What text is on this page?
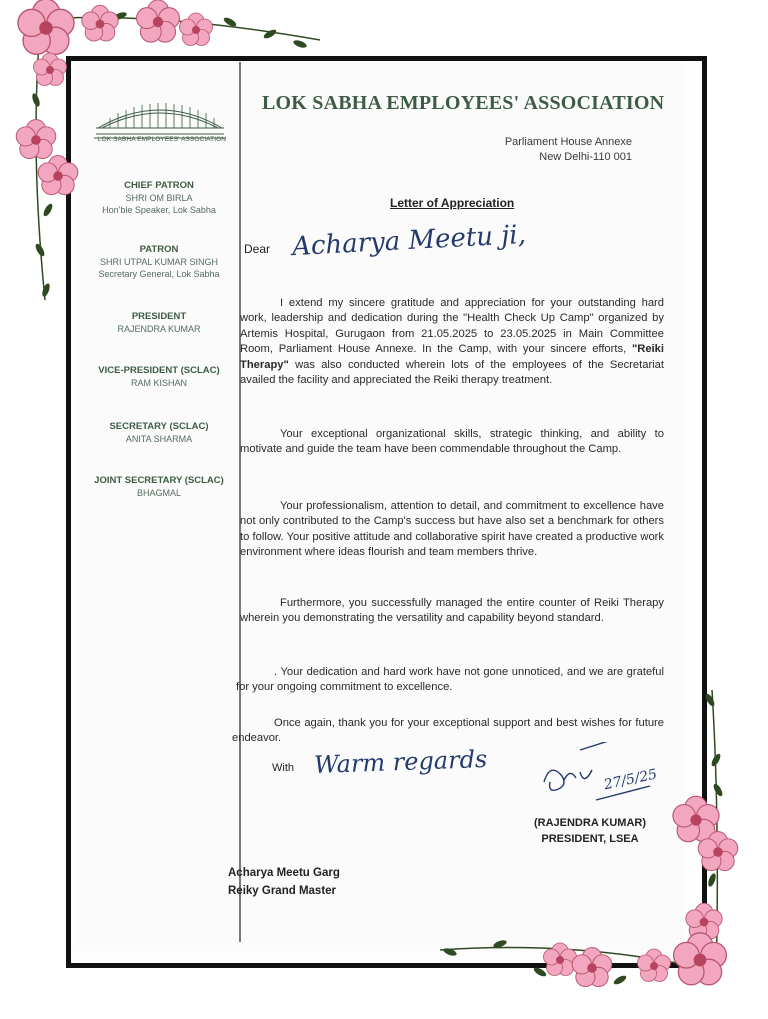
LOK SABHA EMPLOYEES' ASSOCIATION
CHIEF PATRON
SHRI OM BIRLA
Hon'ble Speaker, Lok Sabha
PATRON
SHRI UTPAL KUMAR SINGH
Secretary General, Lok Sabha
PRESIDENT
RAJENDRA KUMAR
VICE-PRESIDENT (SCLAC)
RAM KISHAN
SECRETARY (SCLAC)
ANITA SHARMA
JOINT SECRETARY (SCLAC)
BHAGMAL
LOK SABHA EMPLOYEES' ASSOCIATION
Parliament House Annexe
New Delhi-110 001
Letter of Appreciation
Dear Acharya Meetu ji,
I extend my sincere gratitude and appreciation for your outstanding hard work, leadership and dedication during the "Health Check Up Camp" organized by Artemis Hospital, Gurugaon from 21.05.2025 to 23.05.2025 in Main Committee Room, Parliament House Annexe. In the Camp, with your sincere efforts, "Reiki Therapy" was also conducted wherein lots of the employees of the Secretariat availed the facility and appreciated the Reiki therapy treatment.
Your exceptional organizational skills, strategic thinking, and ability to motivate and guide the team have been commendable throughout the Camp.
Your professionalism, attention to detail, and commitment to excellence have not only contributed to the Camp's success but have also set a benchmark for others to follow. Your positive attitude and collaborative spirit have created a productive work environment where ideas flourish and team members thrive.
Furthermore, you successfully managed the entire counter of Reiki Therapy wherein you demonstrating the versatility and capability beyond standard.
. Your dedication and hard work have not gone unnoticed, and we are grateful for your ongoing commitment to excellence.
Once again, thank you for your exceptional support and best wishes for future endeavor.
With Warm regards
27/5/25
(RAJENDRA KUMAR)
PRESIDENT, LSEA
Acharya Meetu Garg
Reiky Grand Master
